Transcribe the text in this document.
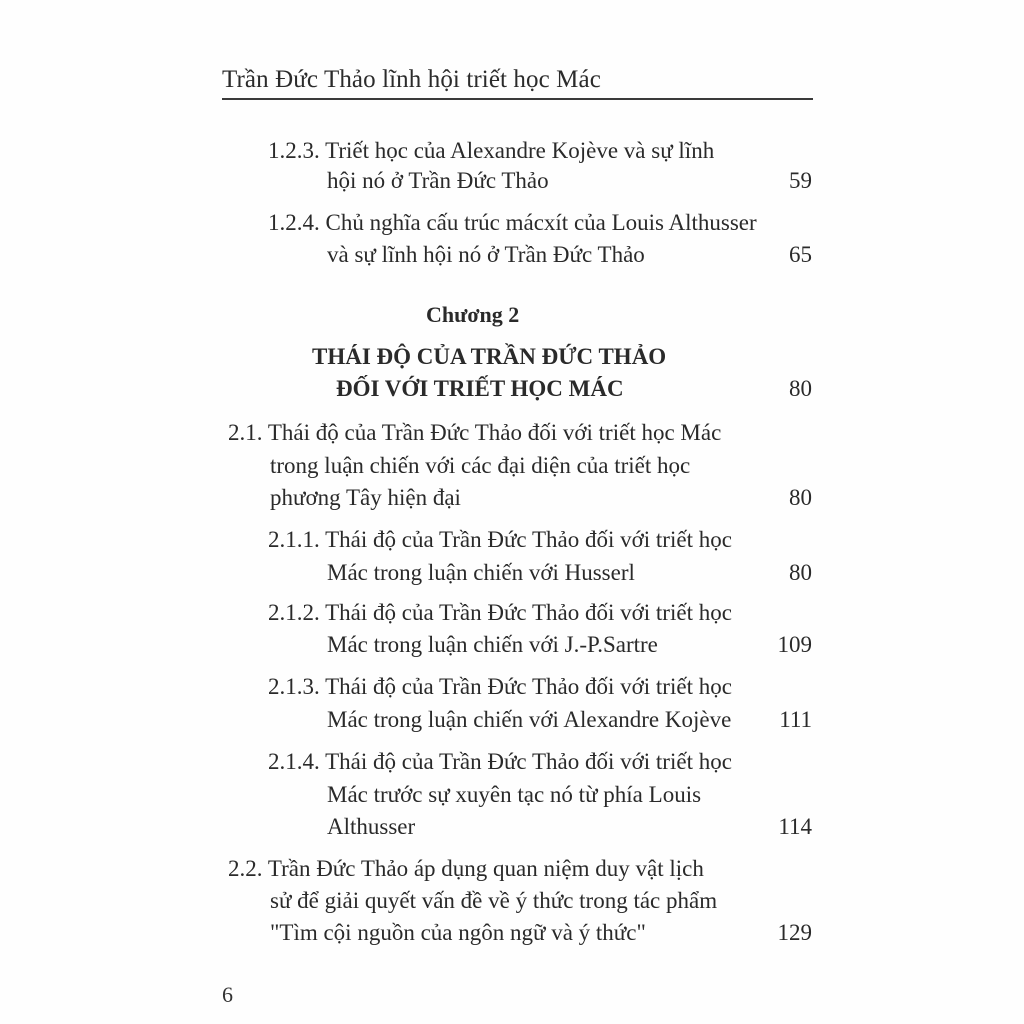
Trần Đức Thảo lĩnh hội triết học Mác
1.2.3. Triết học của Alexandre Kojève và sự lĩnh
hội nó ở Trần Đức Thảo	59
1.2.4. Chủ nghĩa cấu trúc mácxít của Louis Althusser
và sự lĩnh hội nó ở Trần Đức Thảo	65
Chương 2
THÁI ĐỘ CỦA TRẦN ĐỨC THẢO
ĐỐI VỚI TRIẾT HỌC MÁC	80
2.1. Thái độ của Trần Đức Thảo đối với triết học Mác
trong luận chiến với các đại diện của triết học
phương Tây hiện đại	80
2.1.1. Thái độ của Trần Đức Thảo đối với triết học
Mác trong luận chiến với Husserl	80
2.1.2. Thái độ của Trần Đức Thảo đối với triết học
Mác trong luận chiến với J.-P.Sartre	109
2.1.3. Thái độ của Trần Đức Thảo đối với triết học
Mác trong luận chiến với Alexandre Kojève 111
2.1.4. Thái độ của Trần Đức Thảo đối với triết học
Mác trước sự xuyên tạc nó từ phía Louis
Althusser	114
2.2. Trần Đức Thảo áp dụng quan niệm duy vật lịch
sử để giải quyết vấn đề về ý thức trong tác phẩm
"Tìm cội nguồn của ngôn ngữ và ý thức"	129
6
